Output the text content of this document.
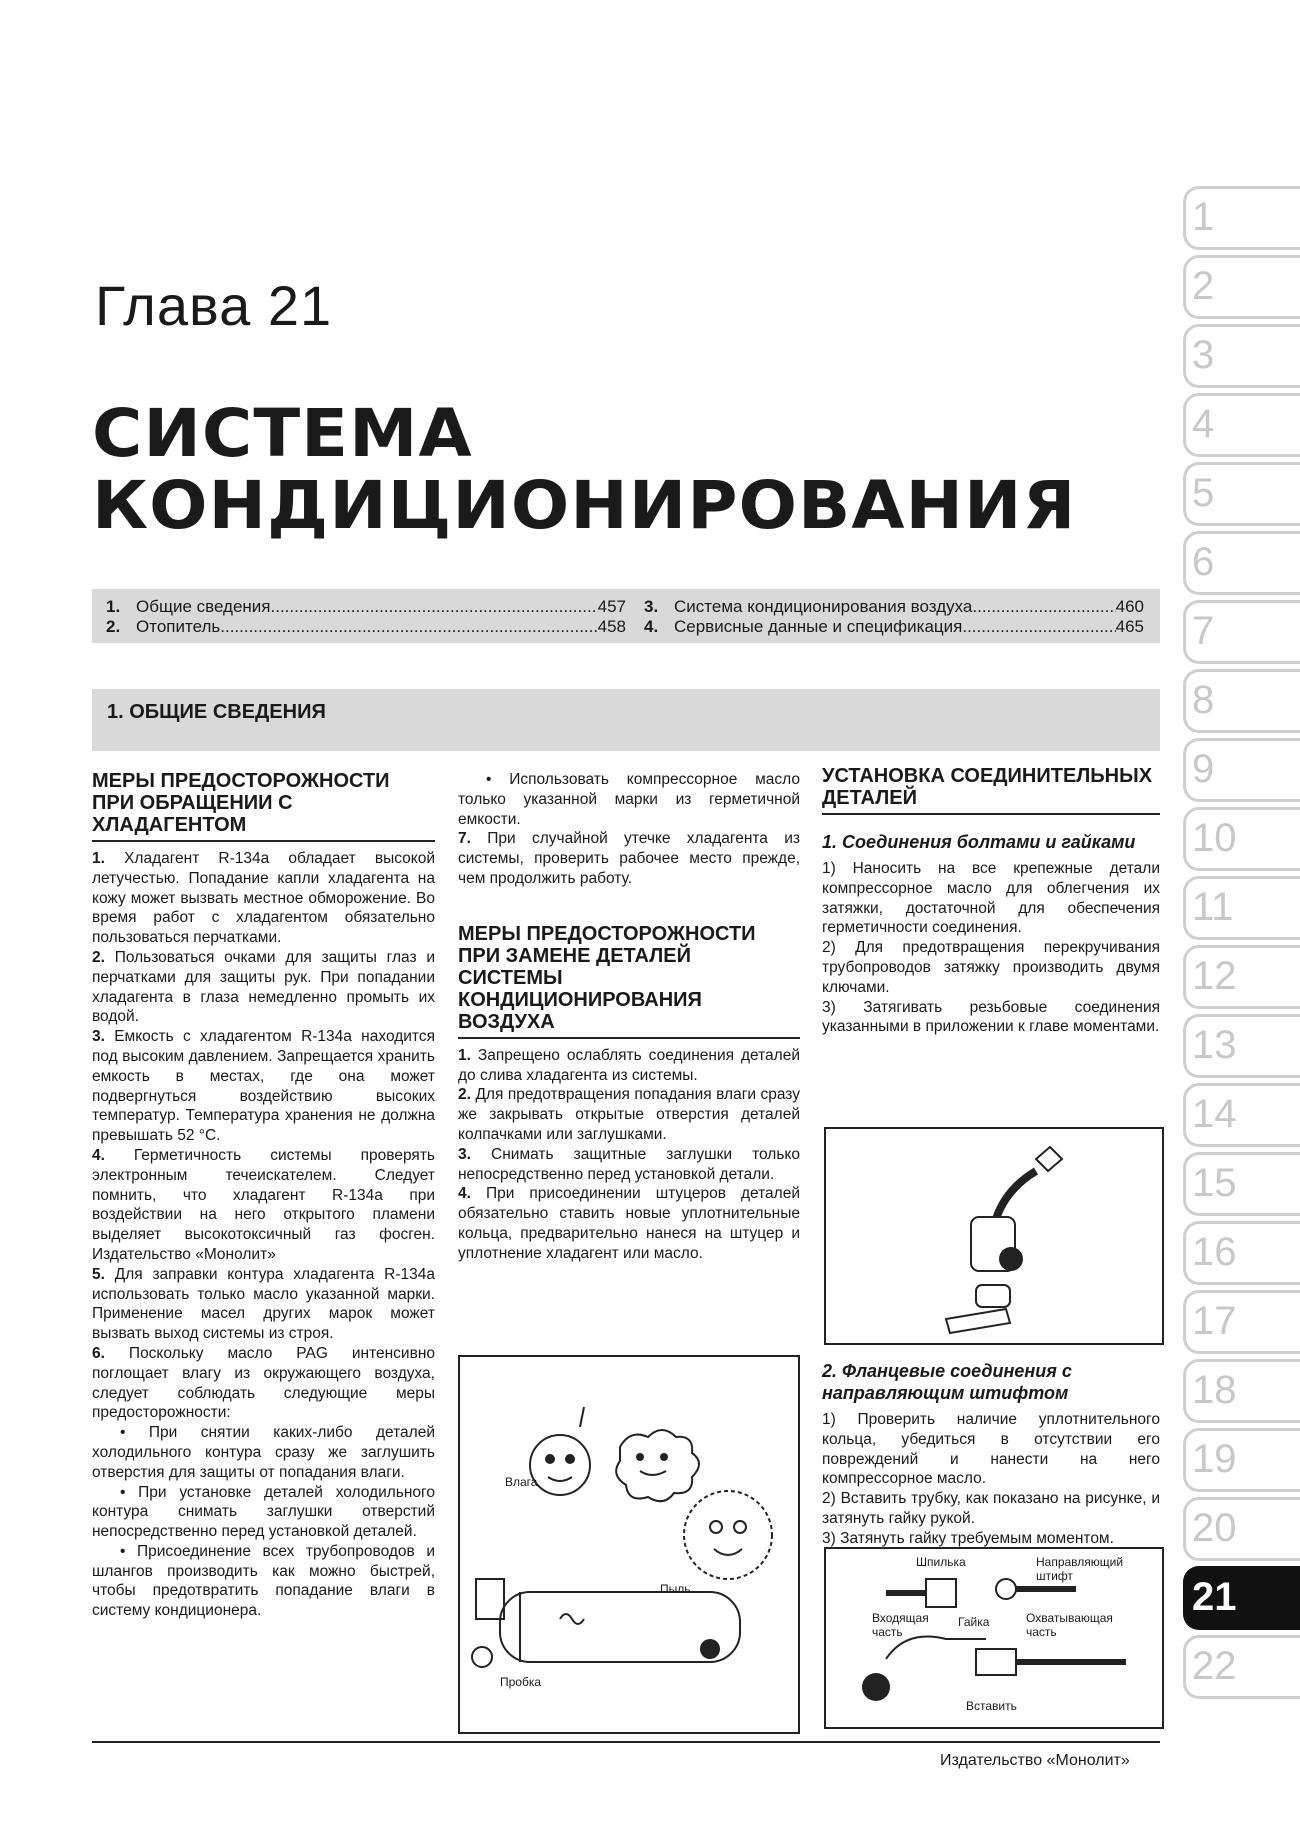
Глава 21
СИСТЕМА
КОНДИЦИОНИРОВАНИЯ
1. Общие сведения .....	457
2. Отопитель .....	458
3. Система кондиционирования воздуха .....	460
4. Сервисные данные и спецификация .....	465
1. ОБЩИЕ СВЕДЕНИЯ
МЕРЫ ПРЕДОСТОРОЖНОСТИ ПРИ ОБРАЩЕНИИ С ХЛАДАГЕНТОМ

1. Хладагент R-134a обладает высокой летучестью. Попадание капли хладагента на кожу может вызвать местное обморожение. Во время работ с хладагентом обязательно пользоваться перчатками.

2. Пользоваться очками для защиты глаз и перчатками для защиты рук. При попадании хладагента в глаза немедленно промыть их водой.

3. Емкость с хладагентом R-134a находится под высоким давлением. Запрещается хранить емкость в местах, где она может подвергнуться воздействию высоких температур. Температура хранения не должна превышать 52 °C.

4. Герметичность системы проверять электронным течеискателем. Следует помнить, что хладагент R-134a при воздействии на него открытого пламени выделяет высокотоксичный газ фосген. Издательство «Монолит»

5. Для заправки контура хладагента R-134a использовать только масло указанной марки. Применение масел других марок может вызвать выход системы из строя.

6. Поскольку масло PAG интенсивно поглощает влагу из окружающего воздуха, следует соблюдать следующие меры предосторожности:

• При снятии каких-либо деталей холодильного контура сразу же заглушить отверстия для защиты от попадания влаги.

• При установке деталей холодильного контура снимать заглушки отверстий непосредственно перед установкой деталей.

• Присоединение всех трубопроводов и шлангов производить как можно быстрей, чтобы предотвратить попадание влаги в систему кондиционера.

• Использовать компрессорное масло только указанной марки из герметичной емкости.

7. При случайной утечке хладагента из системы, проверить рабочее место прежде, чем продолжить работу.

МЕРЫ ПРЕДОСТОРОЖНОСТИ ПРИ ЗАМЕНЕ ДЕТАЛЕЙ СИСТЕМЫ КОНДИЦИОНИРОВАНИЯ ВОЗДУХА

1. Запрещено ослаблять соединения деталей до слива хладагента из системы.

2. Для предотвращения попадания влаги сразу же закрывать открытые отверстия деталей колпачками или заглушками.

3. Снимать защитные заглушки только непосредственно перед установкой детали.

4. При присоединении штуцеров деталей обязательно ставить новые уплотнительные кольца, предварительно нанеся на штуцер и уплотнение хладагент или масло.

Влага
Пыль
Пробка
УСТАНОВКА СОЕДИНИТЕЛЬНЫХ ДЕТАЛЕЙ
1. Соединения болтами и гайками

1) Наносить на все крепежные детали компрессорное масло для облегчения их затяжки, достаточной для обеспечения герметичности соединения.

2) Для предотвращения перекручивания трубопроводов затяжку производить двумя ключами.

3) Затягивать резьбовые соединения указанными в приложении к главе моментами.

2. Фланцевые соединения с направляющим штифтом

1) Проверить наличие уплотнительного кольца, убедиться в отсутствии его повреждений и нанести на него компрессорное масло.

2) Вставить трубку, как показано на рисунке, и затянуть гайку рукой.

3) Затянуть гайку требуемым моментом.

Шпилька	Направляющий штифт
Входящая часть
Гайка	Охватывающая часть
Вставить
1
2
3
4
5
6
7
8
9
10
11
12
13
14
15
16
17
18
19
20
21
22
Издательство «Монолит»
